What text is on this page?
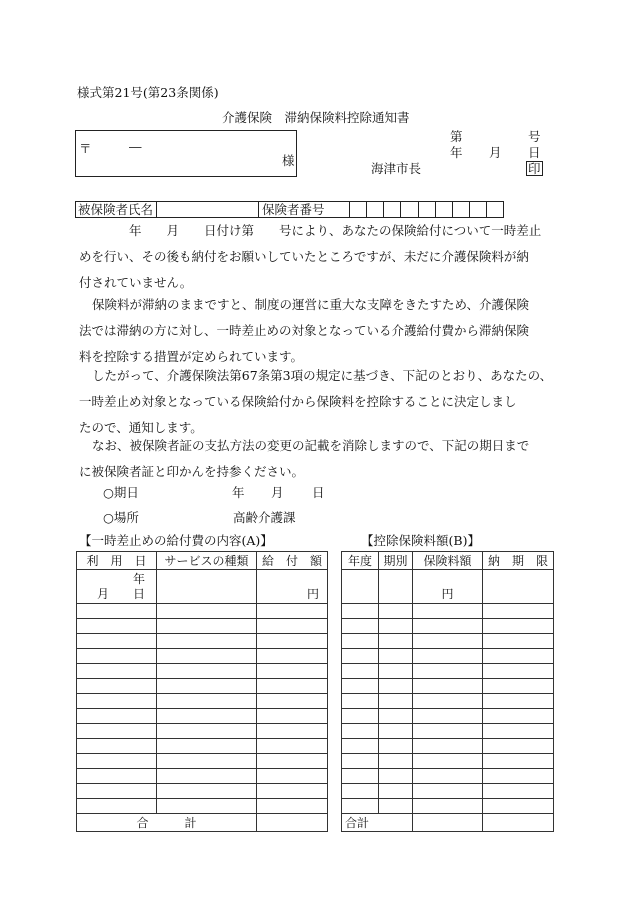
様式第21号(第23条関係)
介護保険　滞納保険料控除通知書
〒	―
様
第	号
年 月 日
海津市長	印
被保険者氏名	保険者番号
年　　月　　日付け第　　号により、あなたの保険給付について一時差止
めを行い、その後も納付をお願いしていたところですが、未だに介護保険料が納
付されていません。
保険料が滞納のままですと、制度の運営に重大な支障をきたすため、介護保険
法では滞納の方に対し、一時差止めの対象となっている介護給付費から滞納保険
料を控除する措置が定められています。
したがって、介護保険法第67条第3項の規定に基づき、下記のとおり、あなたの、
一時差止め対象となっている保険給付から保険料を控除することに決定しまし
たので、通知します。
なお、被保険者証の支払方法の変更の記載を消除しますので、下記の期日まで
に被保険者証と印かんを持参ください。
○期日	年 月 日
○場所	高齢介護課
【一時差止めの給付費の内容(A)】	【控除保険料額(B)】
利　用　日	サービスの種類	給　付　額

年
月 日		円

合　　　計		
年度	期別	保険料額	納　期　限
		円	

合計			
